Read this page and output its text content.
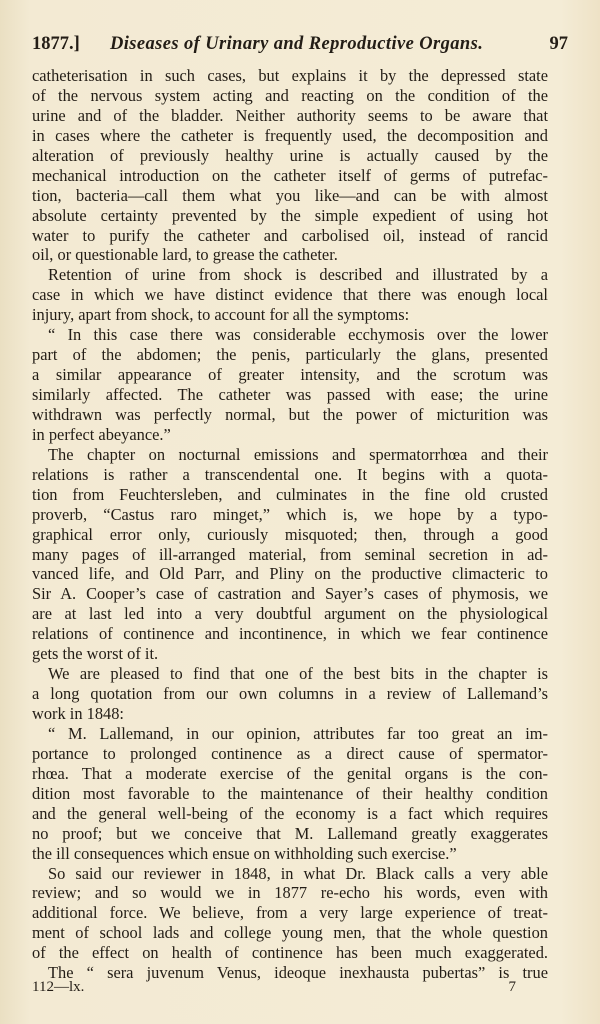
1877.] Diseases of Urinary and Reproductive Organs.	97
catheterisation in such cases, but explains it by the depressed state
of the nervous system acting and reacting on the condition of the
urine and of the bladder. Neither authority seems to be aware that
in cases where the catheter is frequently used, the decomposition and
alteration of previously healthy urine is actually caused by the
mechanical introduction on the catheter itself of germs of putrefac-
tion, bacteria—call them what you like—and can be with almost
absolute certainty prevented by the simple expedient of using hot
water to purify the catheter and carbolised oil, instead of rancid
oil, or questionable lard, to grease the catheter.
Retention of urine from shock is described and illustrated by a
case in which we have distinct evidence that there was enough local
injury, apart from shock, to account for all the symptoms:
“ In this case there was considerable ecchymosis over the lower
part of the abdomen; the penis, particularly the glans, presented
a similar appearance of greater intensity, and the scrotum was
similarly affected. The catheter was passed with ease; the urine
withdrawn was perfectly normal, but the power of micturition was
in perfect abeyance.”
The chapter on nocturnal emissions and spermatorrhœa and their
relations is rather a transcendental one. It begins with a quota-
tion from Feuchtersleben, and culminates in the fine old crusted
proverb, “Castus raro minget,” which is, we hope by a typo-
graphical error only, curiously misquoted; then, through a good
many pages of ill-arranged material, from seminal secretion in ad-
vanced life, and Old Parr, and Pliny on the productive climacteric to
Sir A. Cooper’s case of castration and Sayer’s cases of phymosis, we
are at last led into a very doubtful argument on the physiological
relations of continence and incontinence, in which we fear continence
gets the worst of it.
We are pleased to find that one of the best bits in the chapter is
a long quotation from our own columns in a review of Lallemand’s
work in 1848:
“ M. Lallemand, in our opinion, attributes far too great an im-
portance to prolonged continence as a direct cause of spermator-
rhœa. That a moderate exercise of the genital organs is the con-
dition most favorable to the maintenance of their healthy condition
and the general well-being of the economy is a fact which requires
no proof; but we conceive that M. Lallemand greatly exaggerates
the ill consequences which ensue on withholding such exercise.”
So said our reviewer in 1848, in what Dr. Black calls a very able
review; and so would we in 1877 re-echo his words, even with
additional force. We believe, from a very large experience of treat-
ment of school lads and college young men, that the whole question
of the effect on health of continence has been much exaggerated.
The “ sera juvenum Venus, ideoque inexhausta pubertas” is true
112—lx.	7
